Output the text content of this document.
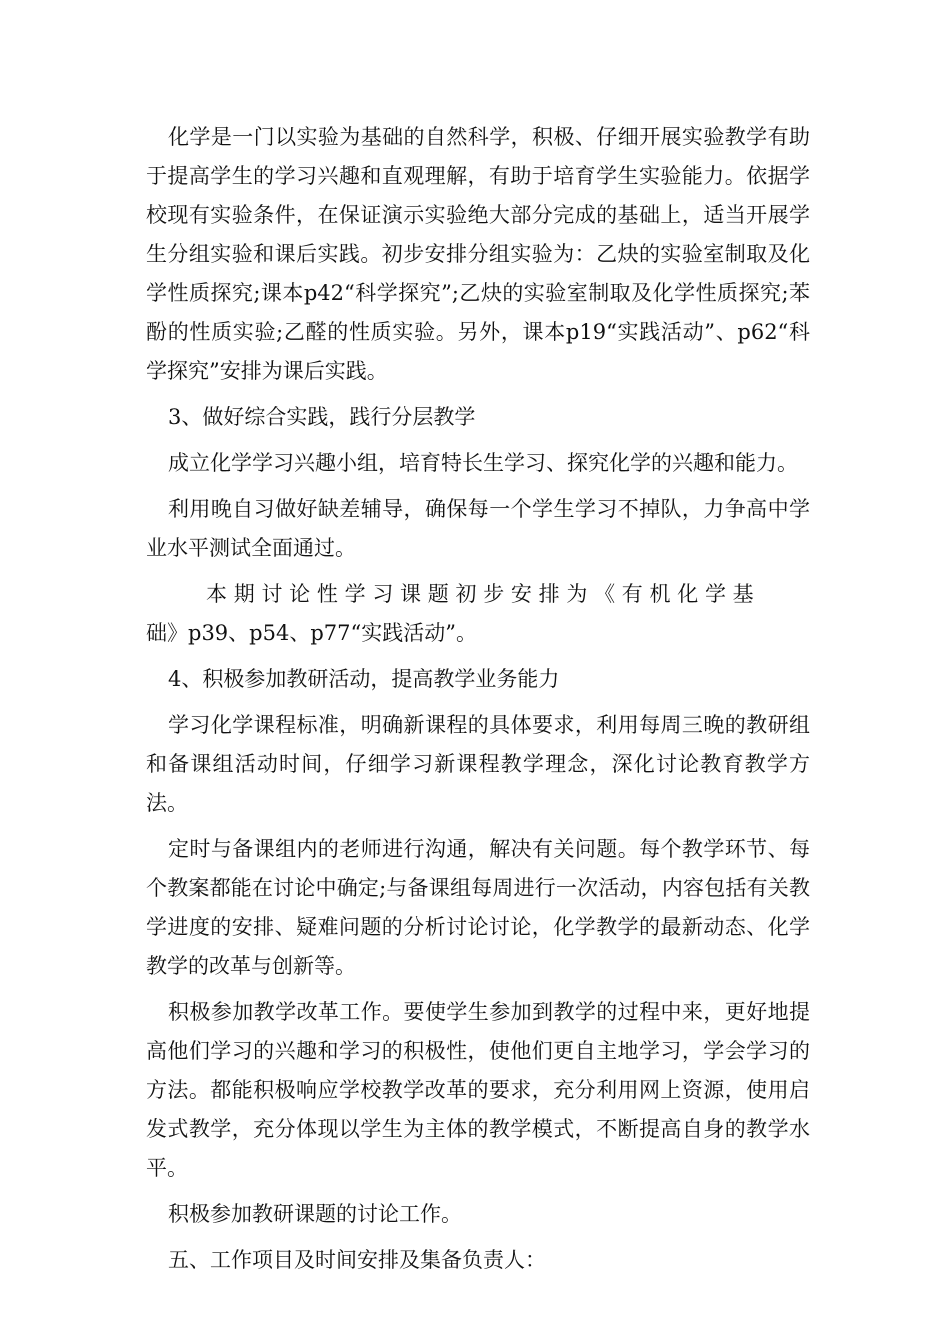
化学是一门以实验为基础的自然科学，积极、仔细开展实验教学有助于提高学生的学习兴趣和直观理解，有助于培育学生实验能力。依据学校现有实验条件，在保证演示实验绝大部分完成的基础上，适当开展学生分组实验和课后实践。初步安排分组实验为：乙炔的实验室制取及化学性质探究;课本p42“科学探究”;乙炔的实验室制取及化学性质探究;苯酚的性质实验;乙醛的性质实验。另外，课本p19“实践活动”、p62“科学探究”安排为课后实践。

3、做好综合实践，践行分层教学

成立化学学习兴趣小组，培育特长生学习、探究化学的兴趣和能力。

利用晚自习做好缺差辅导，确保每一个学生学习不掉队，力争高中学业水平测试全面通过。

本期讨论性学习课题初步安排为《有机化学基
础》p39、p54、p77“实践活动”。

4、积极参加教研活动，提高教学业务能力

学习化学课程标准，明确新课程的具体要求，利用每周三晚的教研组和备课组活动时间，仔细学习新课程教学理念，深化讨论教育教学方法。

定时与备课组内的老师进行沟通，解决有关问题。每个教学环节、每个教案都能在讨论中确定;与备课组每周进行一次活动，内容包括有关教学进度的安排、疑难问题的分析讨论讨论，化学教学的最新动态、化学教学的改革与创新等。

积极参加教学改革工作。要使学生参加到教学的过程中来，更好地提高他们学习的兴趣和学习的积极性，使他们更自主地学习，学会学习的方法。都能积极响应学校教学改革的要求，充分利用网上资源，使用启发式教学，充分体现以学生为主体的教学模式，不断提高自身的教学水平。

积极参加教研课题的讨论工作。

五、工作项目及时间安排及集备负责人：
